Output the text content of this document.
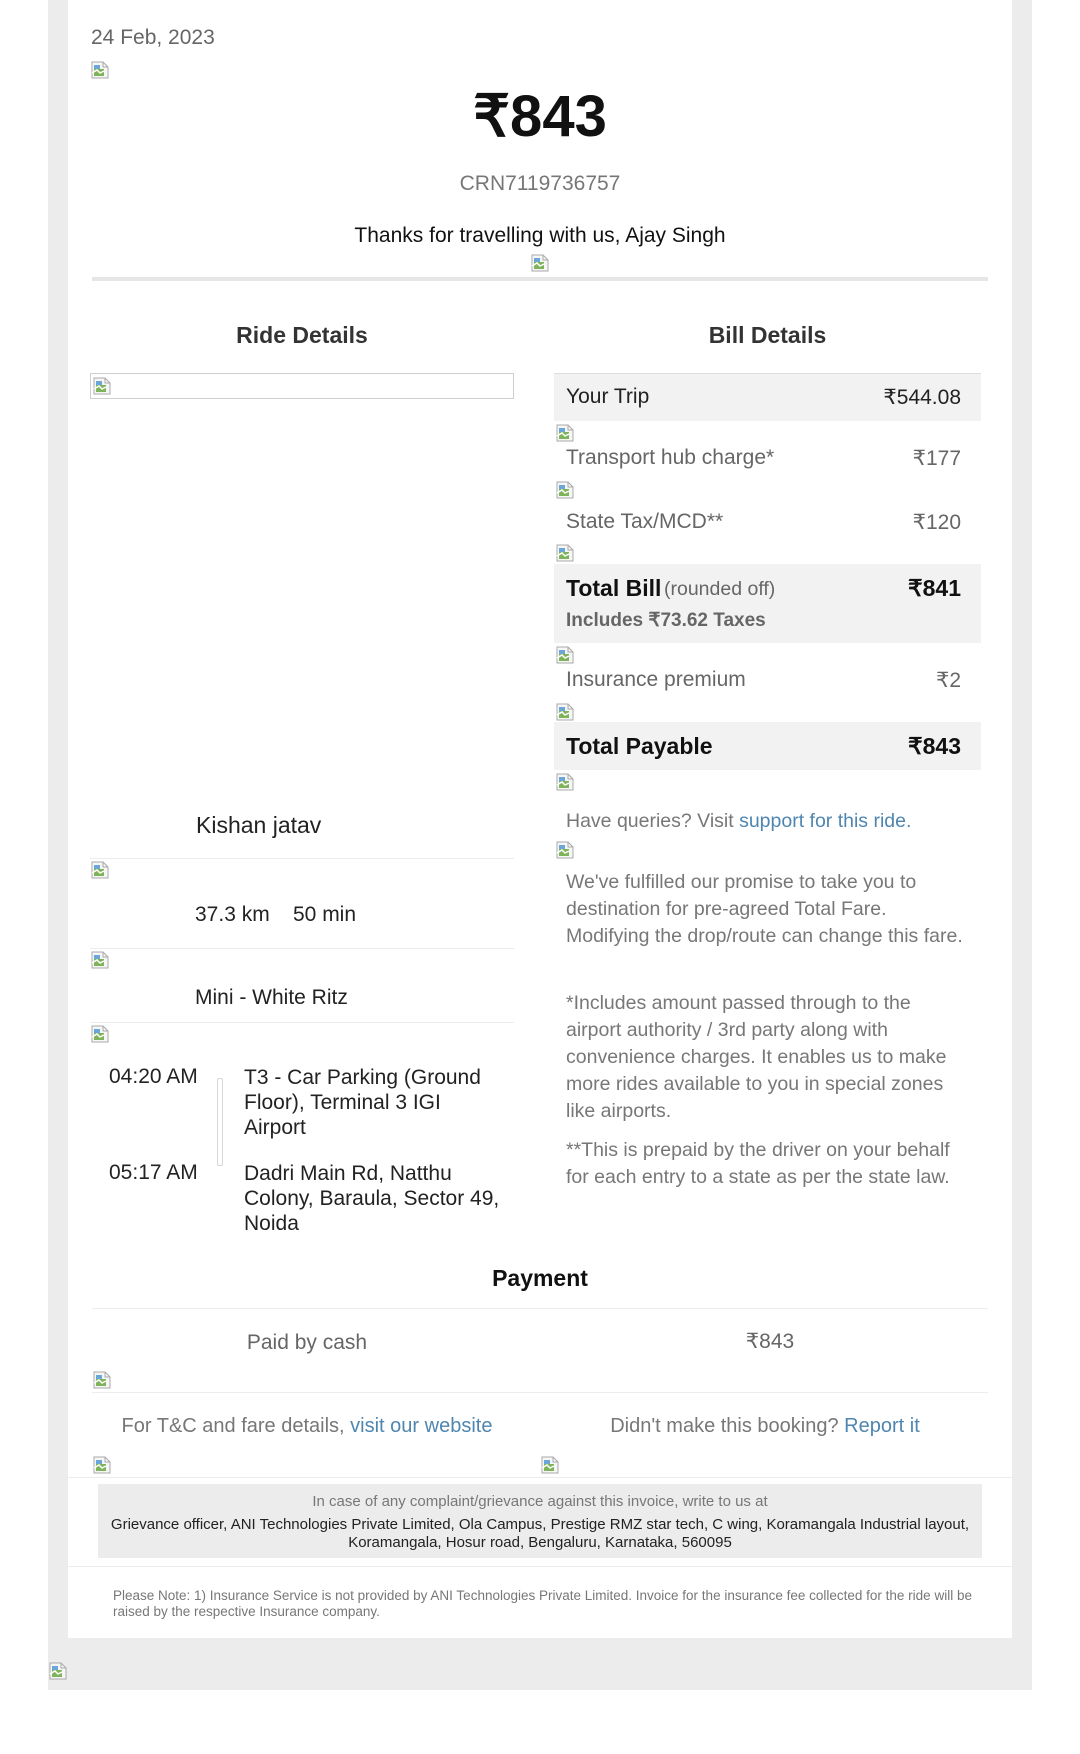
24 Feb, 2023
₹843
CRN7119736757
Thanks for travelling with us, Ajay Singh
Ride Details
Kishan jatav
37.3 km 50 min
Mini - White Ritz
04:20 AM T3 - Car Parking (Ground Floor), Terminal 3 IGI Airport
05:17 AM Dadri Main Rd, Natthu Colony, Baraula, Sector 49, Noida
Bill Details
Your Trip	₹544.08
Transport hub charge*	₹177
State Tax/MCD**	₹120
Total Bill (rounded off)	₹841
Includes ₹73.62 Taxes
Insurance premium	₹2
Total Payable	₹843
Have queries? Visit support for this ride.
We've fulfilled our promise to take you to destination for pre-agreed Total Fare. Modifying the drop/route can change this fare.
*Includes amount passed through to the airport authority / 3rd party along with convenience charges. It enables us to make more rides available to you in special zones like airports.
**This is prepaid by the driver on your behalf for each entry to a state as per the state law.
Payment
Paid by cash	₹843
For T&C and fare details, visit our website	Didn't make this booking? Report it
In case of any complaint/grievance against this invoice, write to us at
Grievance officer, ANI Technologies Private Limited, Ola Campus, Prestige RMZ star tech, C wing, Koramangala Industrial layout, Koramangala, Hosur road, Bengaluru, Karnataka, 560095
Please Note: 1) Insurance Service is not provided by ANI Technologies Private Limited. Invoice for the insurance fee collected for the ride will be raised by the respective Insurance company.
